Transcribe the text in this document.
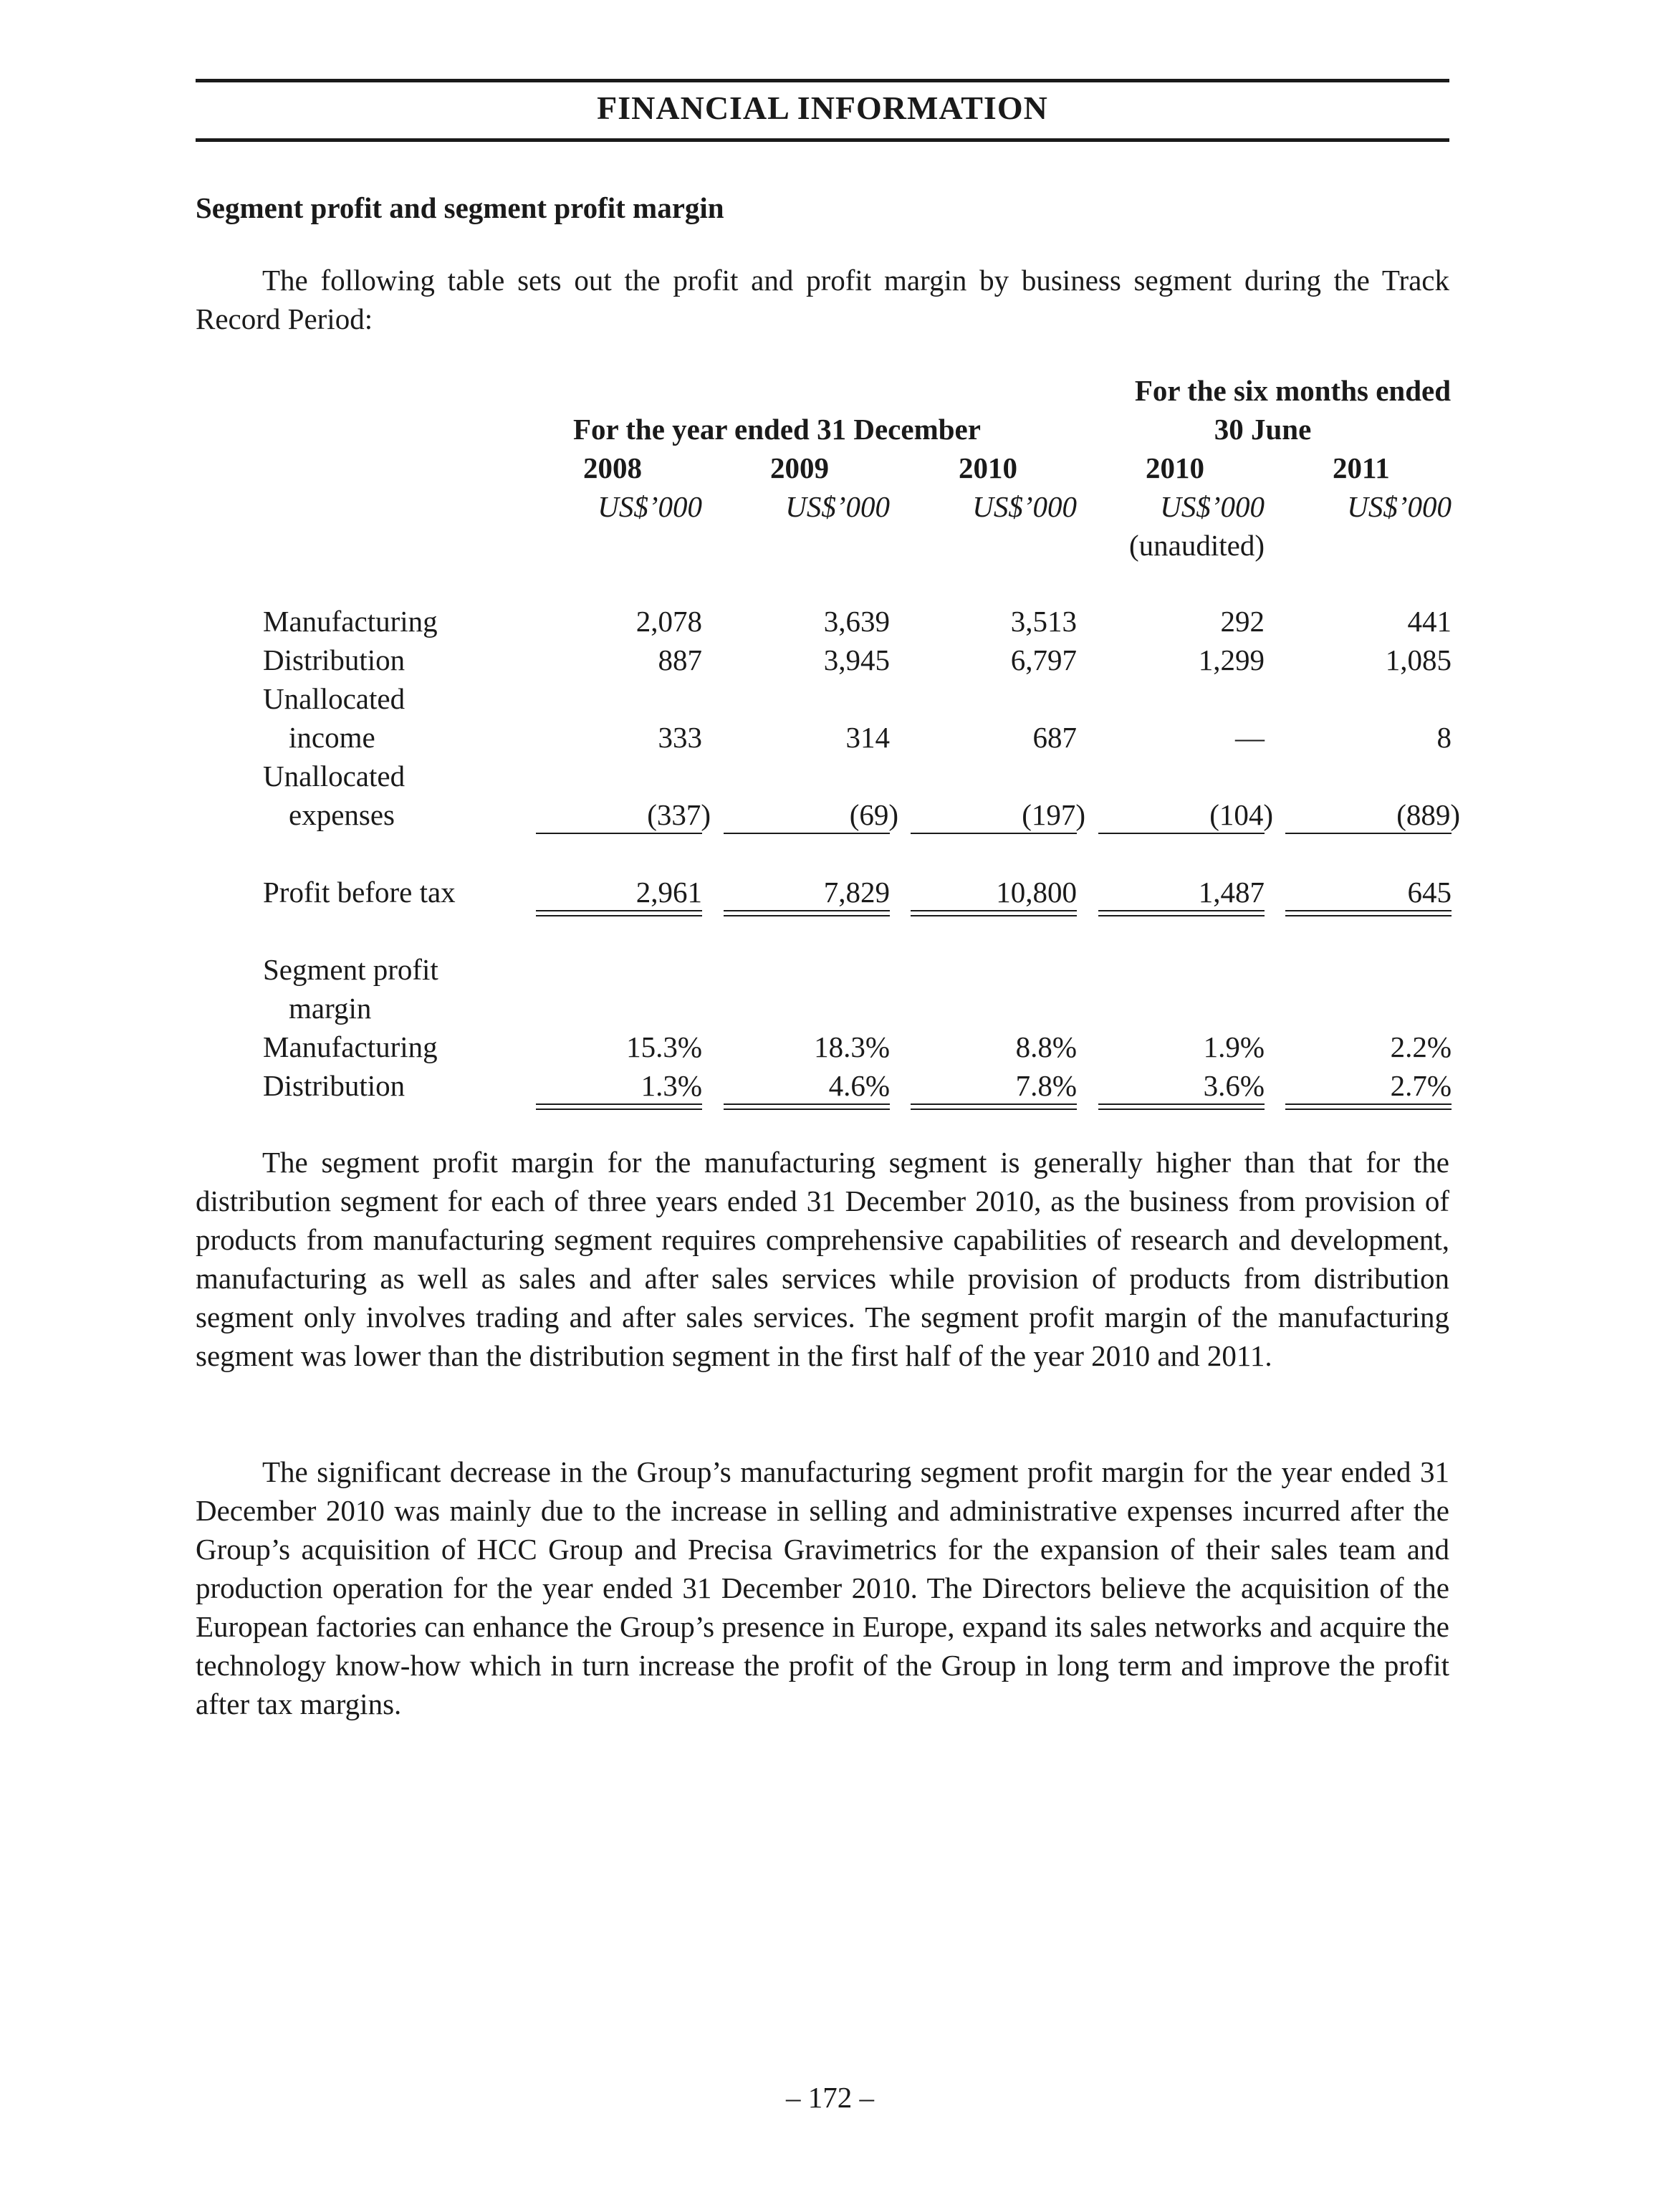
FINANCIAL INFORMATION
Segment profit and segment profit margin

The following table sets out the profit and profit margin by business segment during the Track Record Period:

For the six months ended
For the year ended 31 December	30 June
2008	2009	2010	2010	2011
US$’000	US$’000	US$’000	US$’000	US$’000
(unaudited)
Manufacturing	2,078	3,639	3,513	292	441
Distribution	887	3,945	6,797	1,299	1,085
Unallocated
income	333	314	687	—	8
Unallocated
expenses	(337)	(69)	(197)	(104)	(889)
Profit before tax	2,961	7,829	10,800	1,487	645
Segment profit
margin
Manufacturing	15.3%	18.3%	8.8%	1.9%	2.2%
Distribution	1.3%	4.6%	7.8%	3.6%	2.7%

The segment profit margin for the manufacturing segment is generally higher than that for the distribution segment for each of three years ended 31 December 2010, as the business from provision of products from manufacturing segment requires comprehensive capabilities of research and development, manufacturing as well as sales and after sales services while provision of products from distribution segment only involves trading and after sales services. The segment profit margin of the manufacturing segment was lower than the distribution segment in the first half of the year 2010 and 2011.

The significant decrease in the Group’s manufacturing segment profit margin for the year ended 31 December 2010 was mainly due to the increase in selling and administrative expenses incurred after the Group’s acquisition of HCC Group and Precisa Gravimetrics for the expansion of their sales team and production operation for the year ended 31 December 2010. The Directors believe the acquisition of the European factories can enhance the Group’s presence in Europe, expand its sales networks and acquire the technology know-how which in turn increase the profit of the Group in long term and improve the profit after tax margins.

– 172 –
